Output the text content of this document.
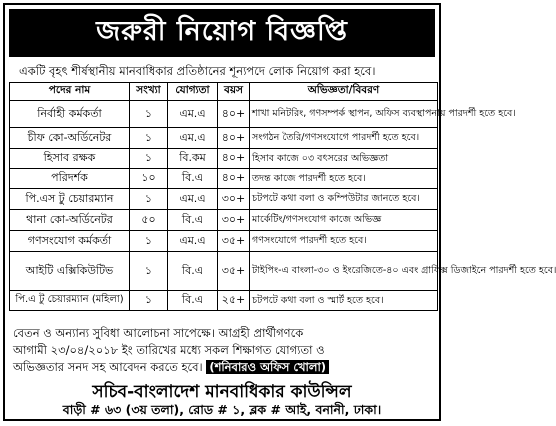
জরুরী নিয়োগ বিজ্ঞপ্তি
একটি বৃহৎ শীর্ষস্থানীয় মানবাধিকার প্রতিষ্ঠানের শূন্যপদে লোক নিয়োগ করা হবে।
পদের নাম	সংখ্যা	যোগ্যতা	বয়স	অভিজ্ঞতা/বিবরণ
নির্বাহী কর্মকর্তা	১	এম.এ	৪০+	শাখা মনিটরিং, গণসম্পর্ক স্থাপন, অফিস ব্যবস্থাপনায় পারদর্শী হতে হবে।
চীফ কো-অর্ডিনেটর	১	এম.এ	৪০+	সংগঠন তৈরি/গণসংযোগে পারদর্শী হতে হবে।
হিসাব রক্ষক	১	বি.কম	৪০+	হিসাব কাজে ০৩ বৎসরের অভিজ্ঞতা
পরিদর্শক	১০	বি.এ	৪০+	তদন্ত কাজে পারদর্শী হতে হবে।
পি.এস টু চেয়ারম্যান	১	এম.এ	৩০+	চটপটে কথা বলা ও কম্পিউটার জানতে হবে।
থানা কো-অর্ডিনেটর	৫০	বি.এ	৩০+	মার্কেটিং/গণসংযোগ কাজে অভিজ্ঞ
গণসংযোগ কর্মকর্তা	১	এম.এ	৩৫+	গণসংযোগে পারদর্শী হতে হবে।
আইটি এক্সিকিউটিভ	১	বি.এ	৩৫+	টাইপিং-এ বাংলা-৩০ ও ইংরেজিতে-৪০ এবং গ্রাফিক্স ডিজাইনে পারদর্শী হতে হবে।
পি.এ টু চেয়ারম্যান (মহিলা)	১	বি.এ	২৫+	চটপটে কথা বলা ও স্মার্ট হতে হবে।
বেতন ও অন্যান্য সুবিধা আলোচনা সাপেক্ষে। আগ্রহী প্রার্থীগণকে
আগামী ২৩/০৪/২০১৮ ইং তারিখের মধ্যে সকল শিক্ষাগত যোগ্যতা ও
অভিজ্ঞতার সনদ সহ আবেদন করতে হবে। (শনিবারও অফিস খোলা)
সচিব-বাংলাদেশ মানবাধিকার কাউন্সিল
বাড়ী # ৬৩ (৩য় তলা), রোড # ১, ব্লক # আই, বনানী, ঢাকা।
